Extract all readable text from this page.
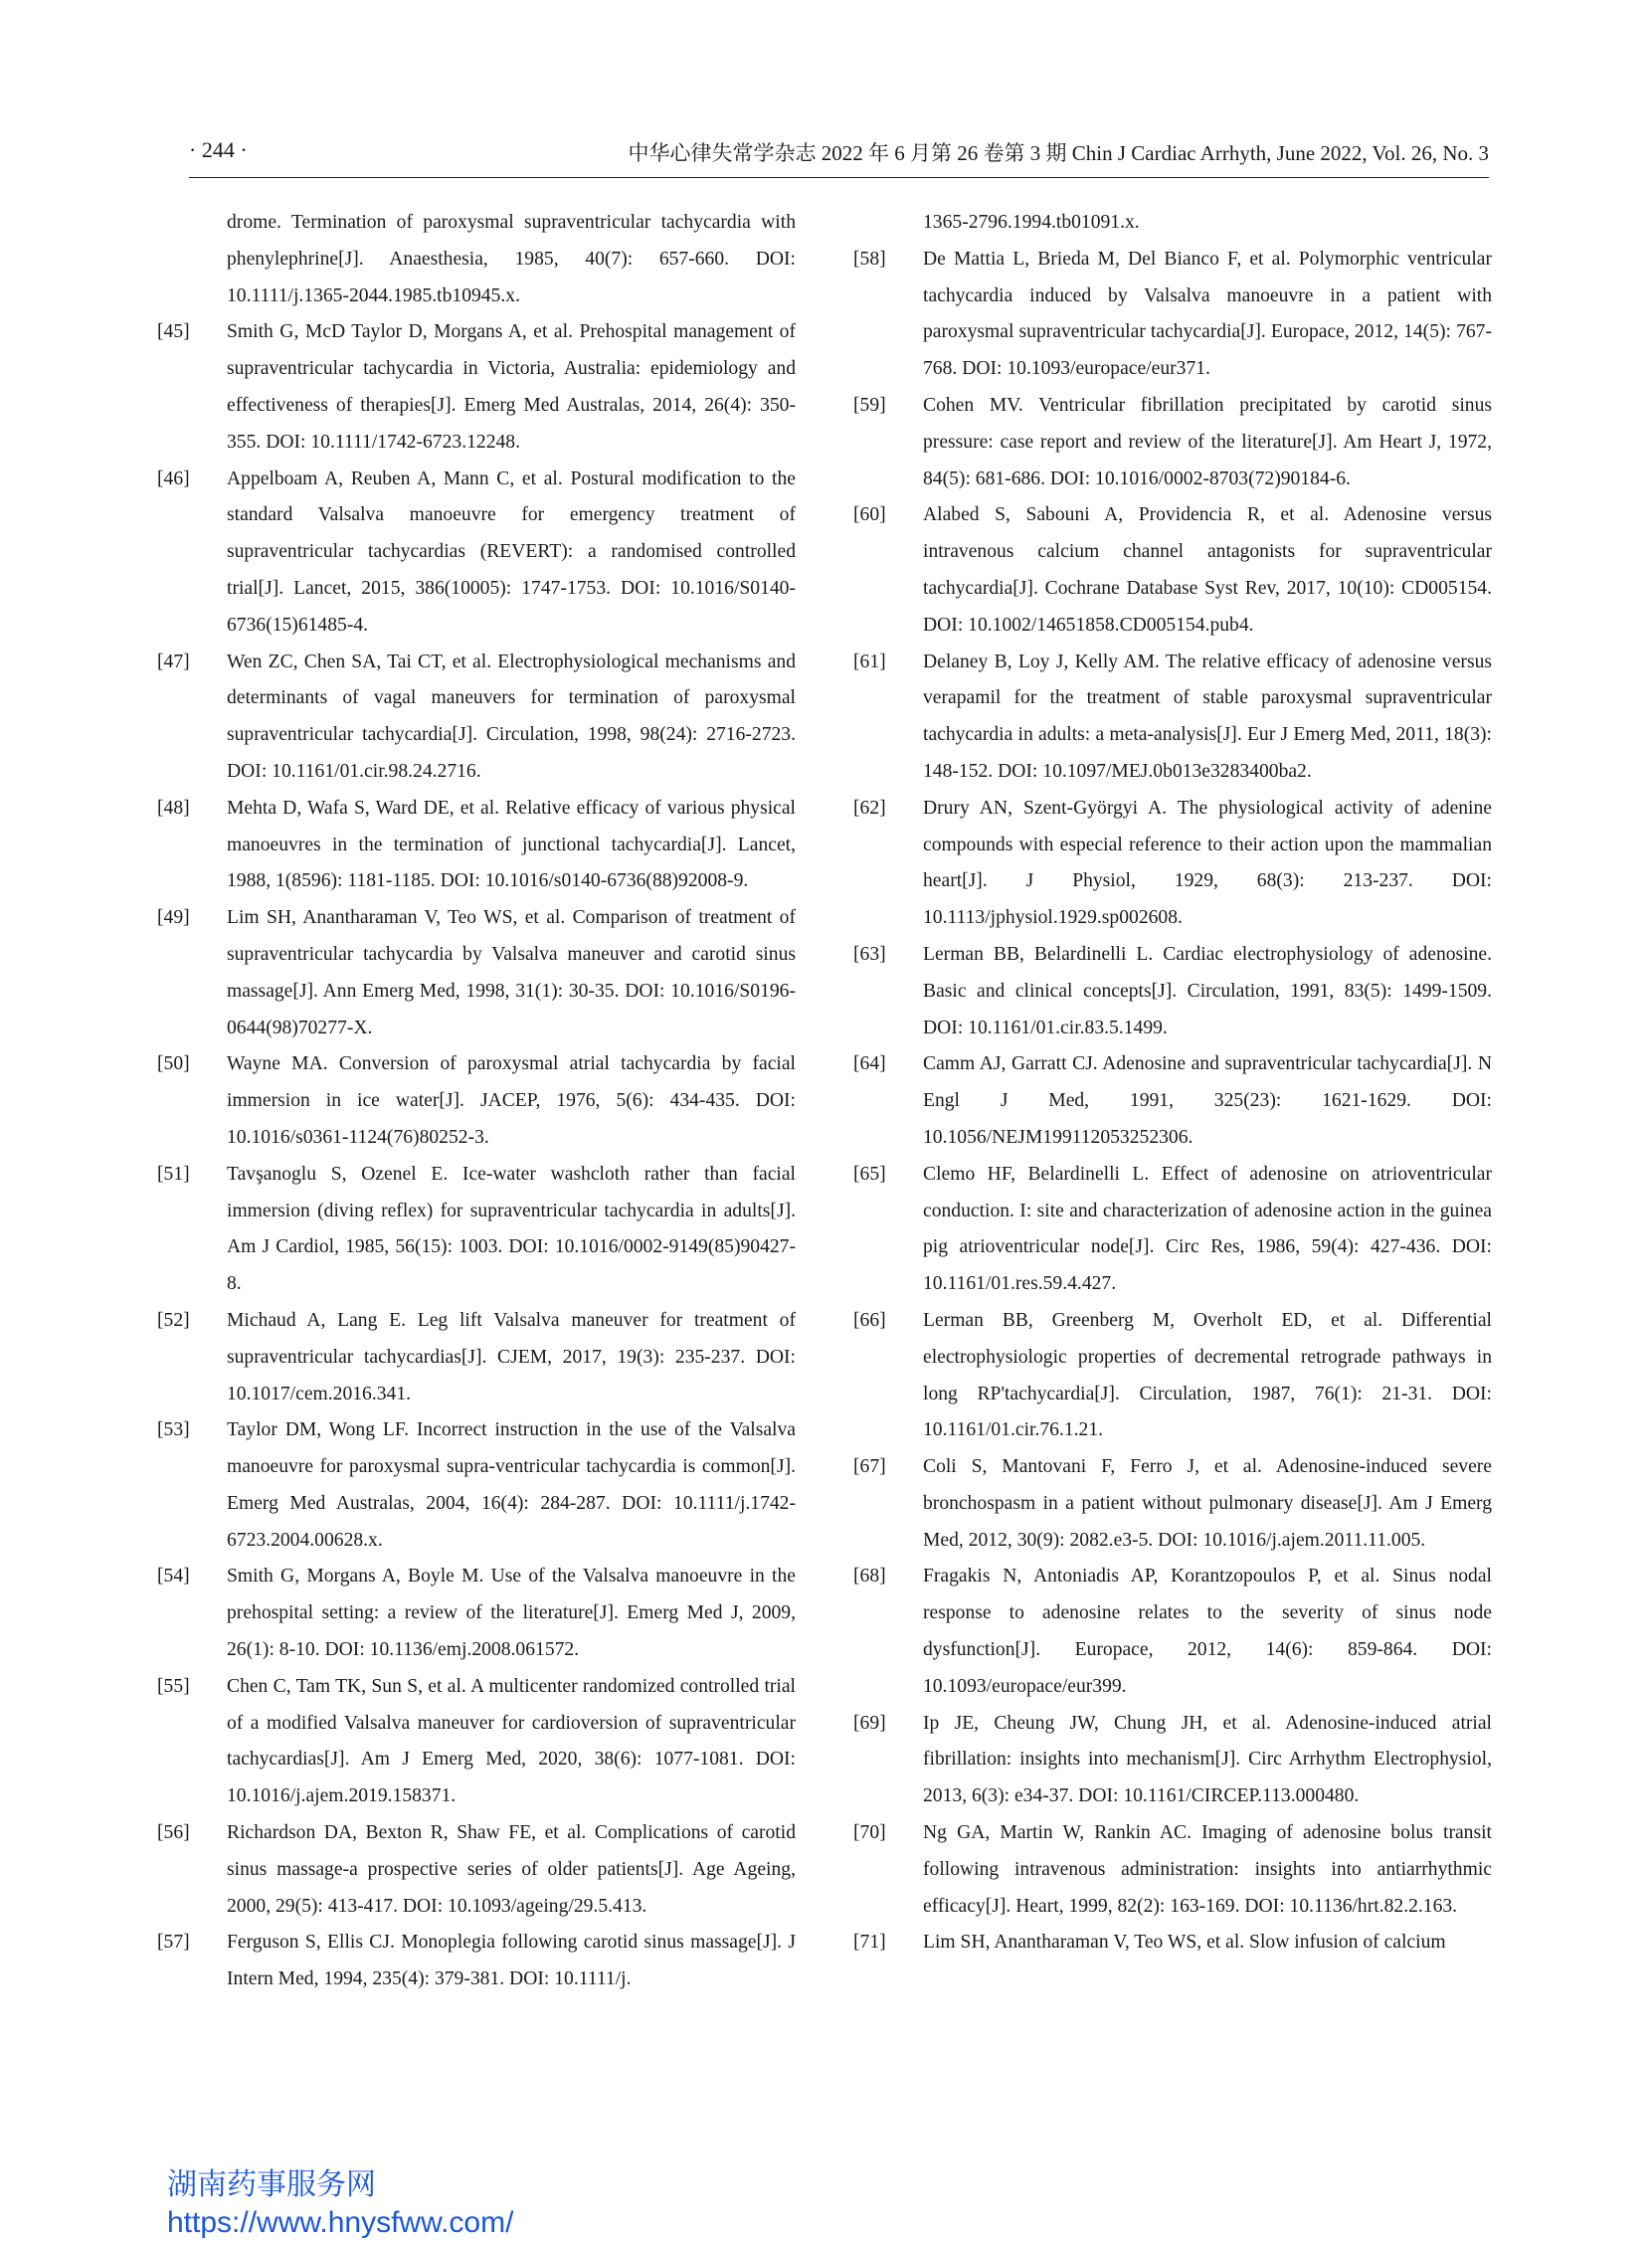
· 244 ·	中华心律失常学杂志 2022 年 6 月第 26 卷第 3 期 Chin J Cardiac Arrhyth, June 2022, Vol. 26, No. 3
drome. Termination of paroxysmal supraventricular tachycardia with phenylephrine[J]. Anaesthesia, 1985, 40(7): 657-660. DOI: 10.1111/j.1365-2044.1985.tb10945.x.
[45]	Smith G, McD Taylor D, Morgans A, et al. Prehospital management of supraventricular tachycardia in Victoria, Australia: epidemiology and effectiveness of therapies[J]. Emerg Med Australas, 2014, 26(4): 350-355. DOI: 10.1111/1742-6723.12248.
[46]	Appelboam A, Reuben A, Mann C, et al. Postural modification to the standard Valsalva manoeuvre for emergency treatment of supraventricular tachycardias (REVERT): a randomised controlled trial[J]. Lancet, 2015, 386(10005): 1747-1753. DOI: 10.1016/S0140-6736(15)61485-4.
[47]	Wen ZC, Chen SA, Tai CT, et al. Electrophysiological mechanisms and determinants of vagal maneuvers for termination of paroxysmal supraventricular tachycardia[J]. Circulation, 1998, 98(24): 2716-2723. DOI: 10.1161/01.cir.98.24.2716.
[48]	Mehta D, Wafa S, Ward DE, et al. Relative efficacy of various physical manoeuvres in the termination of junctional tachycardia[J]. Lancet, 1988, 1(8596): 1181-1185. DOI: 10.1016/s0140-6736(88)92008-9.
[49]	Lim SH, Anantharaman V, Teo WS, et al. Comparison of treatment of supraventricular tachycardia by Valsalva maneuver and carotid sinus massage[J]. Ann Emerg Med, 1998, 31(1): 30-35. DOI: 10.1016/S0196-0644(98)70277-X.
[50]	Wayne MA. Conversion of paroxysmal atrial tachycardia by facial immersion in ice water[J]. JACEP, 1976, 5(6): 434-435. DOI: 10.1016/s0361-1124(76)80252-3.
[51]	Tavşanoglu S, Ozenel E. Ice-water washcloth rather than facial immersion (diving reflex) for supraventricular tachycardia in adults[J]. Am J Cardiol, 1985, 56(15): 1003. DOI: 10.1016/0002-9149(85)90427-8.
[52]	Michaud A, Lang E. Leg lift Valsalva maneuver for treatment of supraventricular tachycardias[J]. CJEM, 2017, 19(3): 235-237. DOI: 10.1017/cem.2016.341.
[53]	Taylor DM, Wong LF. Incorrect instruction in the use of the Valsalva manoeuvre for paroxysmal supra-ventricular tachycardia is common[J]. Emerg Med Australas, 2004, 16(4): 284-287. DOI: 10.1111/j.1742-6723.2004.00628.x.
[54]	Smith G, Morgans A, Boyle M. Use of the Valsalva manoeuvre in the prehospital setting: a review of the literature[J]. Emerg Med J, 2009, 26(1): 8-10. DOI: 10.1136/emj.2008.061572.
[55]	Chen C, Tam TK, Sun S, et al. A multicenter randomized controlled trial of a modified Valsalva maneuver for cardioversion of supraventricular tachycardias[J]. Am J Emerg Med, 2020, 38(6): 1077-1081. DOI: 10.1016/j.ajem.2019.158371.
[56]	Richardson DA, Bexton R, Shaw FE, et al. Complications of carotid sinus massage-a prospective series of older patients[J]. Age Ageing, 2000, 29(5): 413-417. DOI: 10.1093/ageing/29.5.413.
[57]	Ferguson S, Ellis CJ. Monoplegia following carotid sinus massage[J]. J Intern Med, 1994, 235(4): 379-381. DOI: 10.1111/j.
1365-2796.1994.tb01091.x.
[58]	De Mattia L, Brieda M, Del Bianco F, et al. Polymorphic ventricular tachycardia induced by Valsalva manoeuvre in a patient with paroxysmal supraventricular tachycardia[J]. Europace, 2012, 14(5): 767-768. DOI: 10.1093/europace/eur371.
[59]	Cohen MV. Ventricular fibrillation precipitated by carotid sinus pressure: case report and review of the literature[J]. Am Heart J, 1972, 84(5): 681-686. DOI: 10.1016/0002-8703(72)90184-6.
[60]	Alabed S, Sabouni A, Providencia R, et al. Adenosine versus intravenous calcium channel antagonists for supraventricular tachycardia[J]. Cochrane Database Syst Rev, 2017, 10(10): CD005154. DOI: 10.1002/14651858.CD005154.pub4.
[61]	Delaney B, Loy J, Kelly AM. The relative efficacy of adenosine versus verapamil for the treatment of stable paroxysmal supraventricular tachycardia in adults: a meta-analysis[J]. Eur J Emerg Med, 2011, 18(3): 148-152. DOI: 10.1097/MEJ.0b013e3283400ba2.
[62]	Drury AN, Szent-Györgyi A. The physiological activity of adenine compounds with especial reference to their action upon the mammalian heart[J]. J Physiol, 1929, 68(3): 213-237. DOI: 10.1113/jphysiol.1929.sp002608.
[63]	Lerman BB, Belardinelli L. Cardiac electrophysiology of adenosine. Basic and clinical concepts[J]. Circulation, 1991, 83(5): 1499-1509. DOI: 10.1161/01.cir.83.5.1499.
[64]	Camm AJ, Garratt CJ. Adenosine and supraventricular tachycardia[J]. N Engl J Med, 1991, 325(23): 1621-1629. DOI: 10.1056/NEJM199112053252306.
[65]	Clemo HF, Belardinelli L. Effect of adenosine on atrioventricular conduction. I: site and characterization of adenosine action in the guinea pig atrioventricular node[J]. Circ Res, 1986, 59(4): 427-436. DOI: 10.1161/01.res.59.4.427.
[66]	Lerman BB, Greenberg M, Overholt ED, et al. Differential electrophysiologic properties of decremental retrograde pathways in long RP'tachycardia[J]. Circulation, 1987, 76(1): 21-31. DOI: 10.1161/01.cir.76.1.21.
[67]	Coli S, Mantovani F, Ferro J, et al. Adenosine-induced severe bronchospasm in a patient without pulmonary disease[J]. Am J Emerg Med, 2012, 30(9): 2082.e3-5. DOI: 10.1016/j.ajem.2011.11.005.
[68]	Fragakis N, Antoniadis AP, Korantzopoulos P, et al. Sinus nodal response to adenosine relates to the severity of sinus node dysfunction[J]. Europace, 2012, 14(6): 859-864. DOI: 10.1093/europace/eur399.
[69]	Ip JE, Cheung JW, Chung JH, et al. Adenosine-induced atrial fibrillation: insights into mechanism[J]. Circ Arrhythm Electrophysiol, 2013, 6(3): e34-37. DOI: 10.1161/CIRCEP.113.000480.
[70]	Ng GA, Martin W, Rankin AC. Imaging of adenosine bolus transit following intravenous administration: insights into antiarrhythmic efficacy[J]. Heart, 1999, 82(2): 163-169. DOI: 10.1136/hrt.82.2.163.
[71]	Lim SH, Anantharaman V, Teo WS, et al. Slow infusion of calcium
湖南药事服务网
https://www.hnysfww.com/
